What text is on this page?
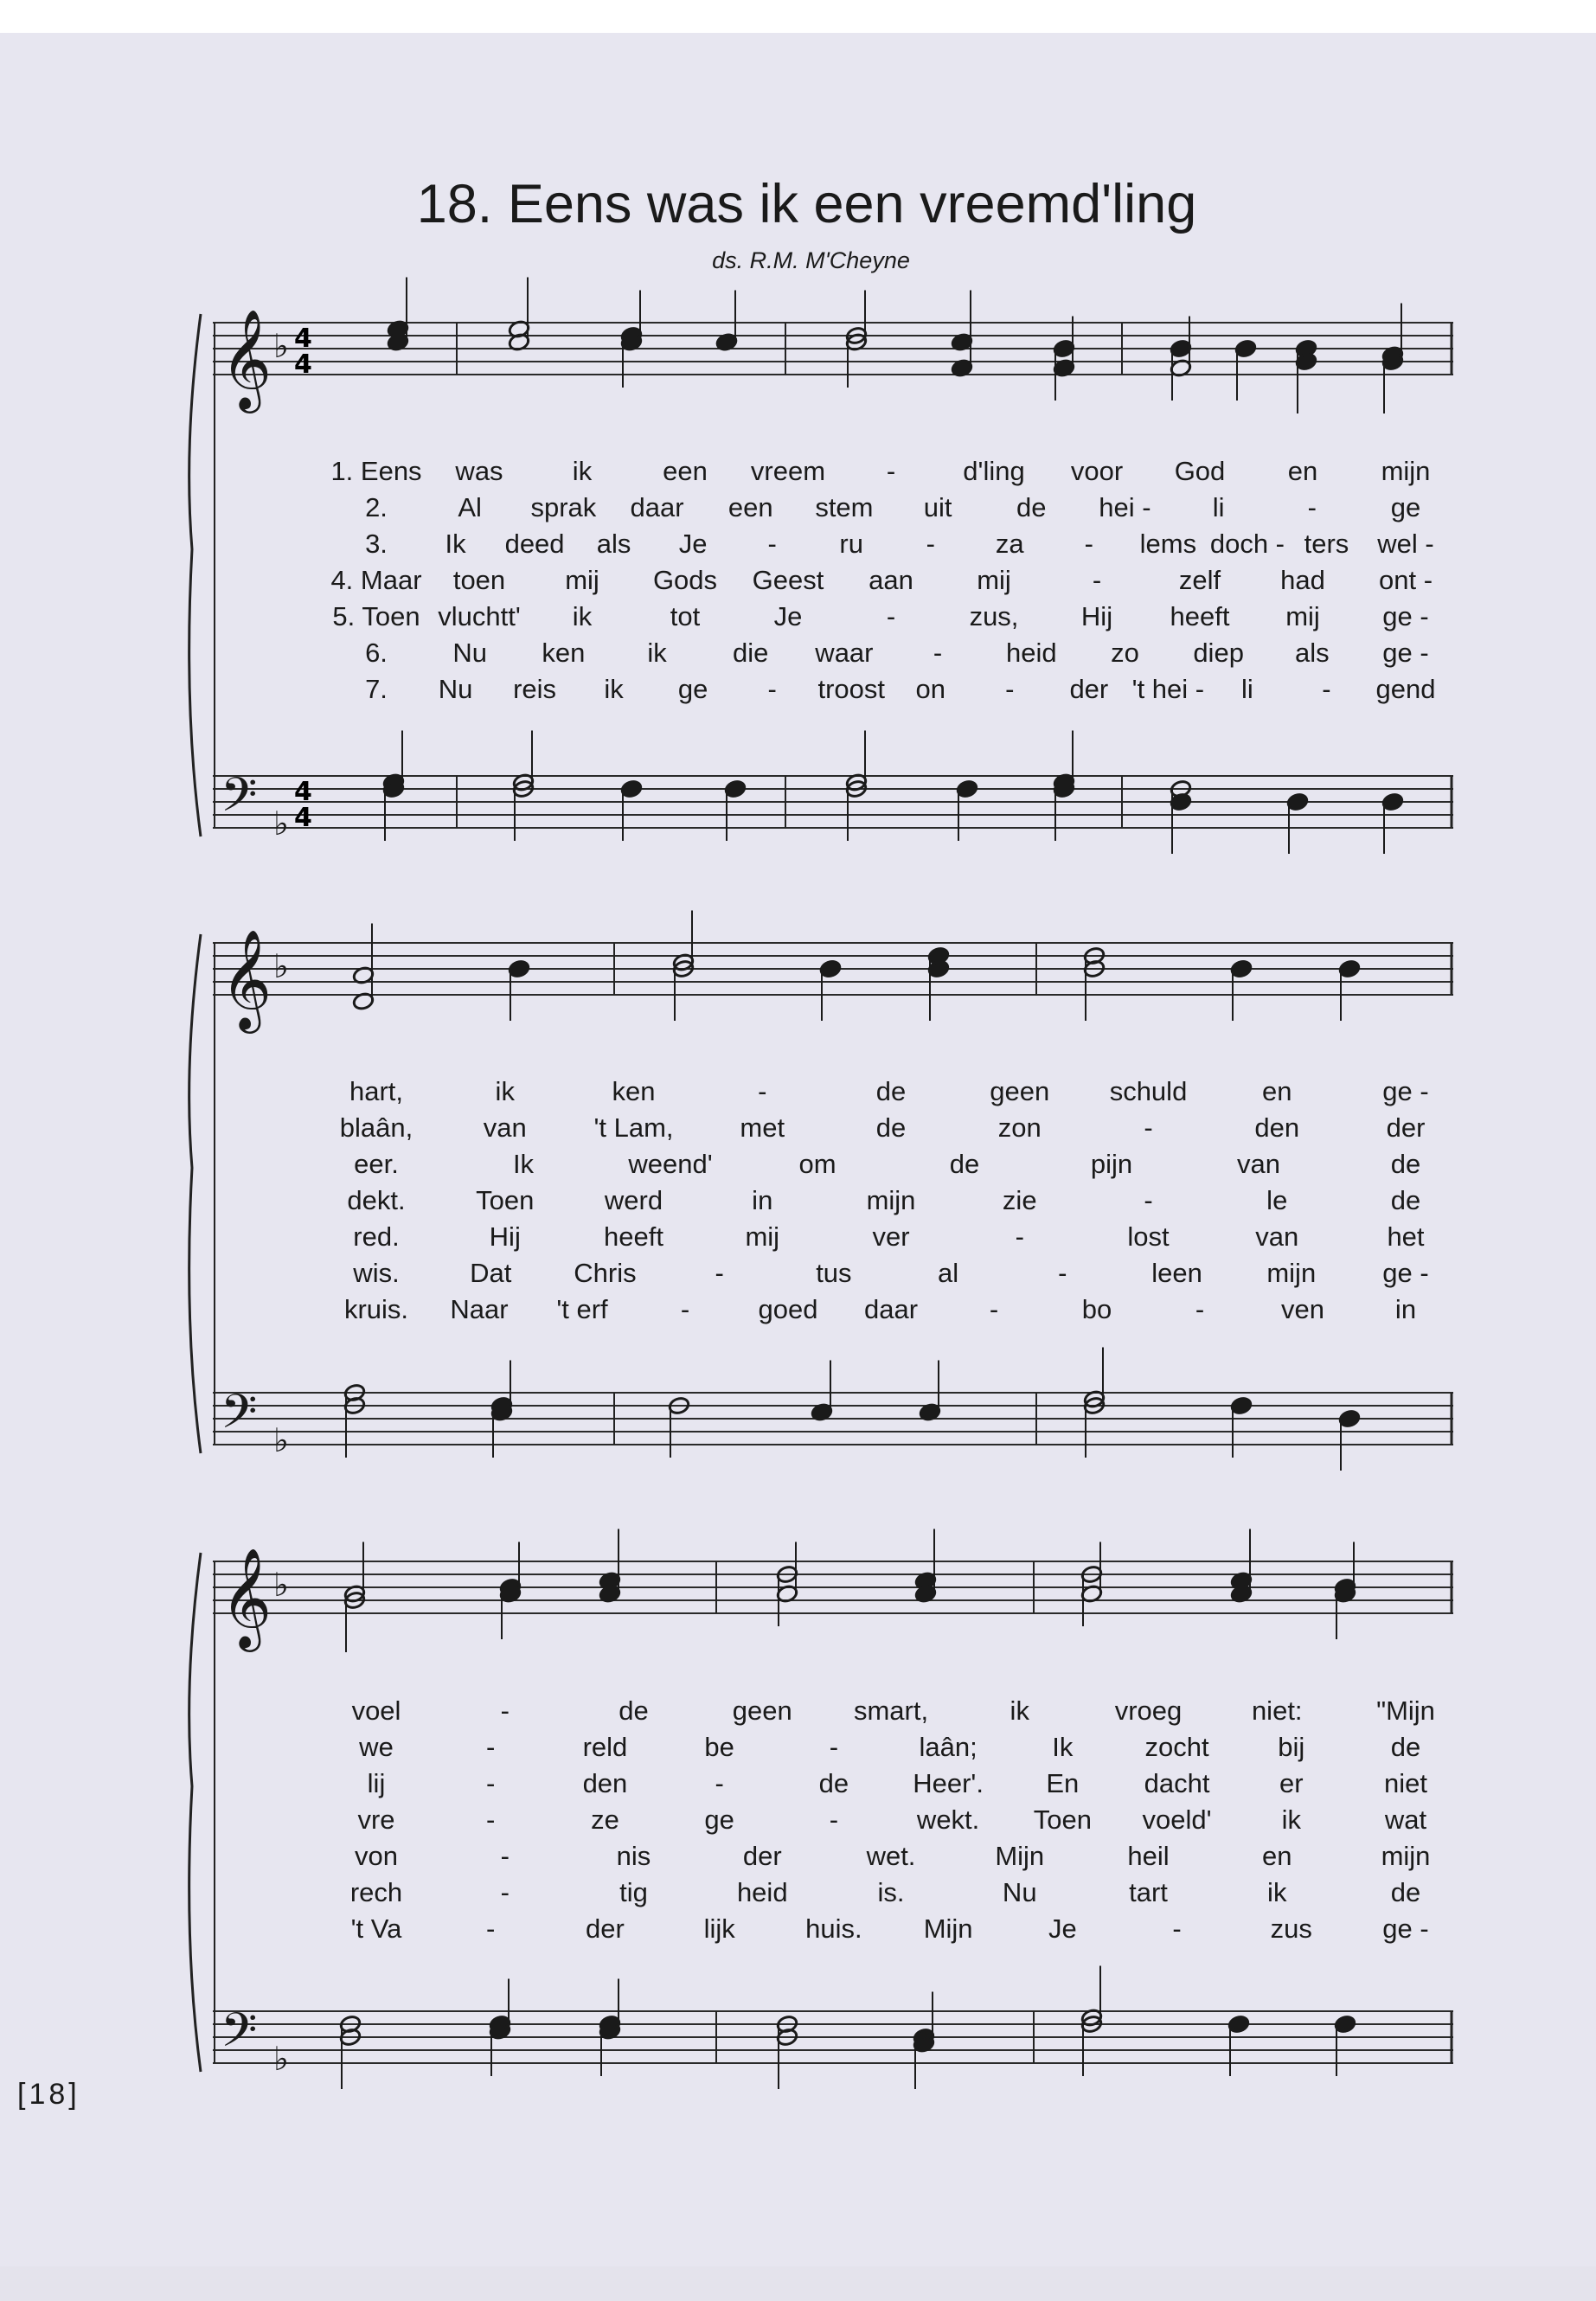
18. Eens was ik een vreemd'ling
ds. R.M. M'Cheyne
𝄞 ♭ 4
4
𝄢 ♭
4
4
𝄞 ♭
𝄢 ♭
𝄞 ♭
𝄢 ♭
1. Eens was	ik	een vreem -	d'ling voor God en mijn
2.	Al sprak daar een stem uit de hei - li	-	ge
3. Ik deed als Je - ru - za - lems doch - ters wel -
4. Maar toen mij Gods Geest aan mij	-	zelf had ont -
5. Toen vluchtt' ik	tot	Je	-	zus, Hij heeft mij ge -
6. Nu ken ik die waar - heid zo diep als ge -
7. Nu reis ik ge - troost on - der 't hei - li	- gend
hart,	ik	ken	-	de	geen schuld	en	ge -
blaân,	van	't Lam, met	de	zon	-	den	der
eer.	Ik	weend'	om	de	pijn	van	de
dekt.	Toen	werd	in	mijn	zie	-	le	de
red.	Hij	heeft	mij	ver	-	lost	van	het
wis.	Dat Chris	-	tus	al	-	leen mijn ge -
kruis. Naar 't erf	-	goed daar	-	bo	-	ven	in
voel	-	de	geen smart,	ik	vroeg	niet:	"Mijn
we	-	reld	be	-	laân;	Ik	zocht	bij	de
lij	-	den	-	de Heer'. En dacht	er	niet
vre	-	ze	ge	-	wekt. Toen voeld'	ik	wat
von	-	nis	der	wet.	Mijn	heil	en	mijn
rech	-	tig	heid	is.	Nu	tart	ik	de
't Va	-	der	lijk	huis. Mijn	Je	-	zus	ge -
[18]
